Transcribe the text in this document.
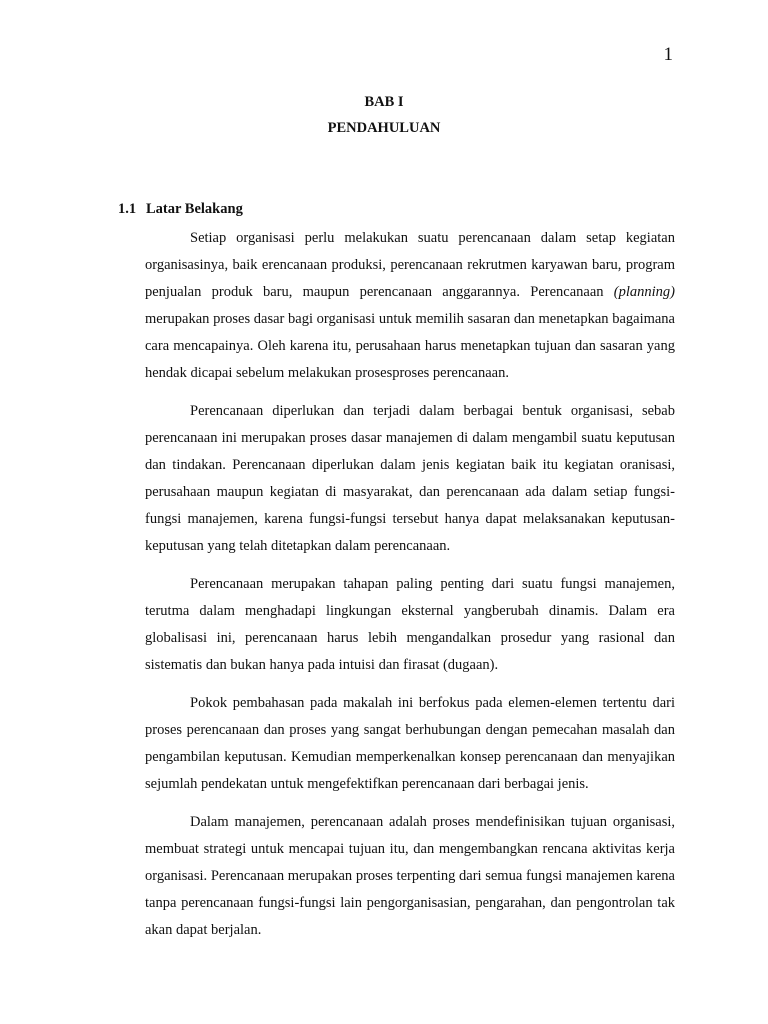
1
BAB I
PENDAHULUAN
1.1 Latar Belakang

Setiap organisasi perlu melakukan suatu perencanaan dalam setap kegiatan organisasinya, baik erencanaan produksi, perencanaan rekrutmen karyawan baru, program penjualan produk baru, maupun perencanaan anggarannya. Perencanaan (planning) merupakan proses dasar bagi organisasi untuk memilih sasaran dan menetapkan bagaimana cara mencapainya. Oleh karena itu, perusahaan harus menetapkan tujuan dan sasaran yang hendak dicapai sebelum melakukan prosesproses perencanaan.

Perencanaan diperlukan dan terjadi dalam berbagai bentuk organisasi, sebab perencanaan ini merupakan proses dasar manajemen di dalam mengambil suatu keputusan dan tindakan. Perencanaan diperlukan dalam jenis kegiatan baik itu kegiatan oranisasi, perusahaan maupun kegiatan di masyarakat, dan perencanaan ada dalam setiap fungsi-fungsi manajemen, karena fungsi-fungsi tersebut hanya dapat melaksanakan keputusan-keputusan yang telah ditetapkan dalam perencanaan.

Perencanaan merupakan tahapan paling penting dari suatu fungsi manajemen, terutma dalam menghadapi lingkungan eksternal yangberubah dinamis. Dalam era globalisasi ini, perencanaan harus lebih mengandalkan prosedur yang rasional dan sistematis dan bukan hanya pada intuisi dan firasat (dugaan).

Pokok pembahasan pada makalah ini berfokus pada elemen-elemen tertentu dari proses perencanaan dan proses yang sangat berhubungan dengan pemecahan masalah dan pengambilan keputusan. Kemudian memperkenalkan konsep perencanaan dan menyajikan sejumlah pendekatan untuk mengefektifkan perencanaan dari berbagai jenis.

Dalam manajemen, perencanaan adalah proses mendefinisikan tujuan organisasi, membuat strategi untuk mencapai tujuan itu, dan mengembangkan rencana aktivitas kerja organisasi. Perencanaan merupakan proses terpenting dari semua fungsi manajemen karena tanpa perencanaan fungsi-fungsi lain pengorganisasian, pengarahan, dan pengontrolan tak akan dapat berjalan.
